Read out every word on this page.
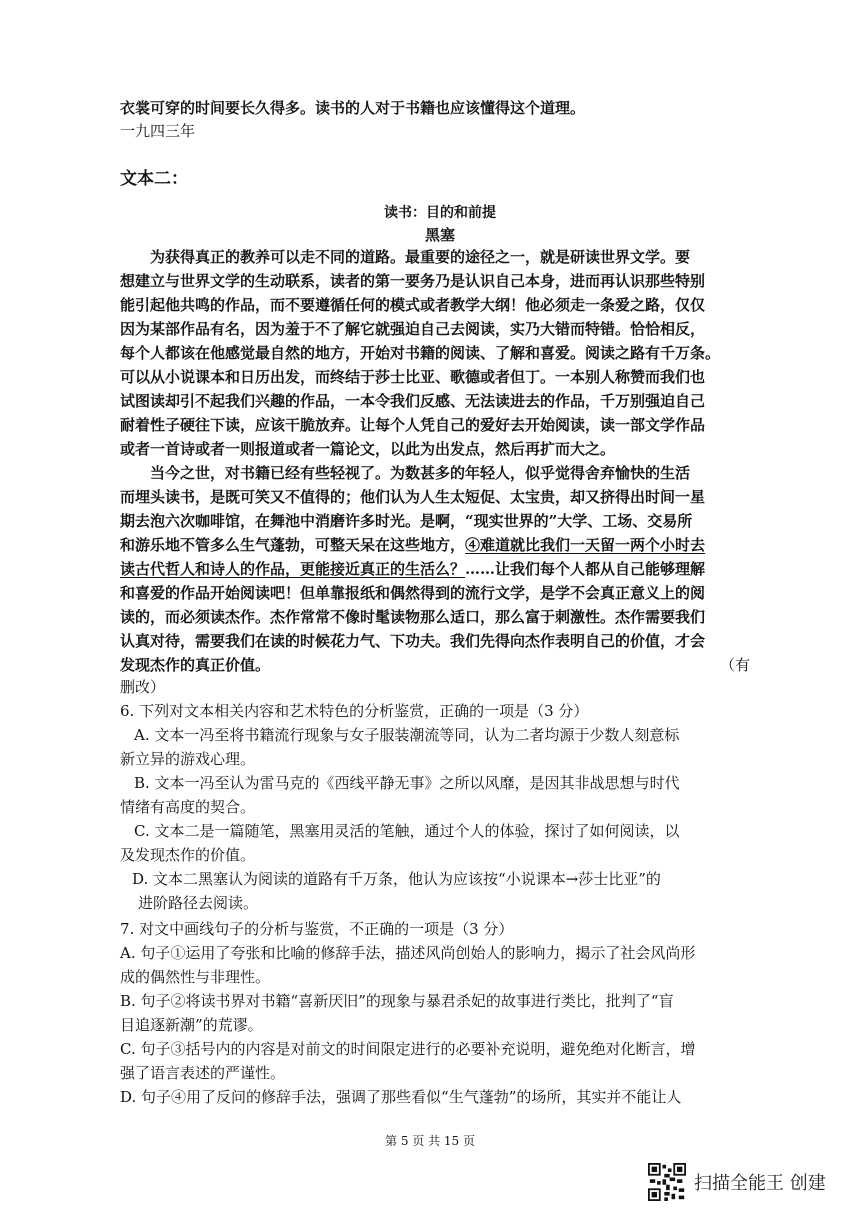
衣裳可穿的时间要长久得多。读书的人对于书籍也应该懂得这个道理。
一九四三年
文本二：
读书：目的和前提
黑塞
为获得真正的教养可以走不同的道路。最重要的途径之一，就是研读世界文学。要
想建立与世界文学的生动联系，读者的第一要务乃是认识自己本身，进而再认识那些特别
能引起他共鸣的作品，而不要遵循任何的模式或者教学大纲！他必须走一条爱之路，仅仅
因为某部作品有名，因为羞于不了解它就强迫自己去阅读，实乃大错而特错。恰恰相反，
每个人都该在他感觉最自然的地方，开始对书籍的阅读、了解和喜爱。阅读之路有千万条。
可以从小说课本和日历出发，而终结于莎士比亚、歌德或者但丁。一本别人称赞而我们也
试图读却引不起我们兴趣的作品，一本令我们反感、无法读进去的作品，千万别强迫自己
耐着性子硬往下读，应该干脆放弃。让每个人凭自己的爱好去开始阅读，读一部文学作品
或者一首诗或者一则报道或者一篇论文，以此为出发点，然后再扩而大之。
当今之世，对书籍已经有些轻视了。为数甚多的年轻人，似乎觉得舍弃愉快的生活
而埋头读书，是既可笑又不值得的；他们认为人生太短促、太宝贵，却又挤得出时间一星
期去泡六次咖啡馆，在舞池中消磨许多时光。是啊，“现实世界的”大学、工场、交易所
和游乐地不管多么生气蓬勃，可整天呆在这些地方，④难道就比我们一天留一两个小时去
读古代哲人和诗人的作品，更能接近真正的生活么？……让我们每个人都从自己能够理解
和喜爱的作品开始阅读吧！但单靠报纸和偶然得到的流行文学，是学不会真正意义上的阅
读的，而必须读杰作。杰作常常不像时髦读物那么适口，那么富于刺激性。杰作需要我们
认真对待，需要我们在读的时候花力气、下功夫。我们先得向杰作表明自己的价值，才会
发现杰作的真正价值。	（有
删改）
6. 下列对文本相关内容和艺术特色的分析鉴赏，正确的一项是（3 分）
A. 文本一冯至将书籍流行现象与女子服装潮流等同，认为二者均源于少数人刻意标
新立异的游戏心理。
B. 文本一冯至认为雷马克的《西线平静无事》之所以风靡，是因其非战思想与时代
情绪有高度的契合。
C. 文本二是一篇随笔，黑塞用灵活的笔触，通过个人的体验，探讨了如何阅读，以
及发现杰作的价值。
D. 文本二黑塞认为阅读的道路有千万条，他认为应该按“小说课本→莎士比亚”的
进阶路径去阅读。
7. 对文中画线句子的分析与鉴赏，不正确的一项是（3 分）
A. 句子①运用了夸张和比喻的修辞手法，描述风尚创始人的影响力，揭示了社会风尚形
成的偶然性与非理性。
B. 句子②将读书界对书籍“喜新厌旧”的现象与暴君杀妃的故事进行类比，批判了“盲
目追逐新潮”的荒谬。
C. 句子③括号内的内容是对前文的时间限定进行的必要补充说明，避免绝对化断言，增
强了语言表述的严谨性。
D. 句子④用了反问的修辞手法，强调了那些看似“生气蓬勃”的场所，其实并不能让人
第 5 页 共 15 页
扫描全能王 创建
